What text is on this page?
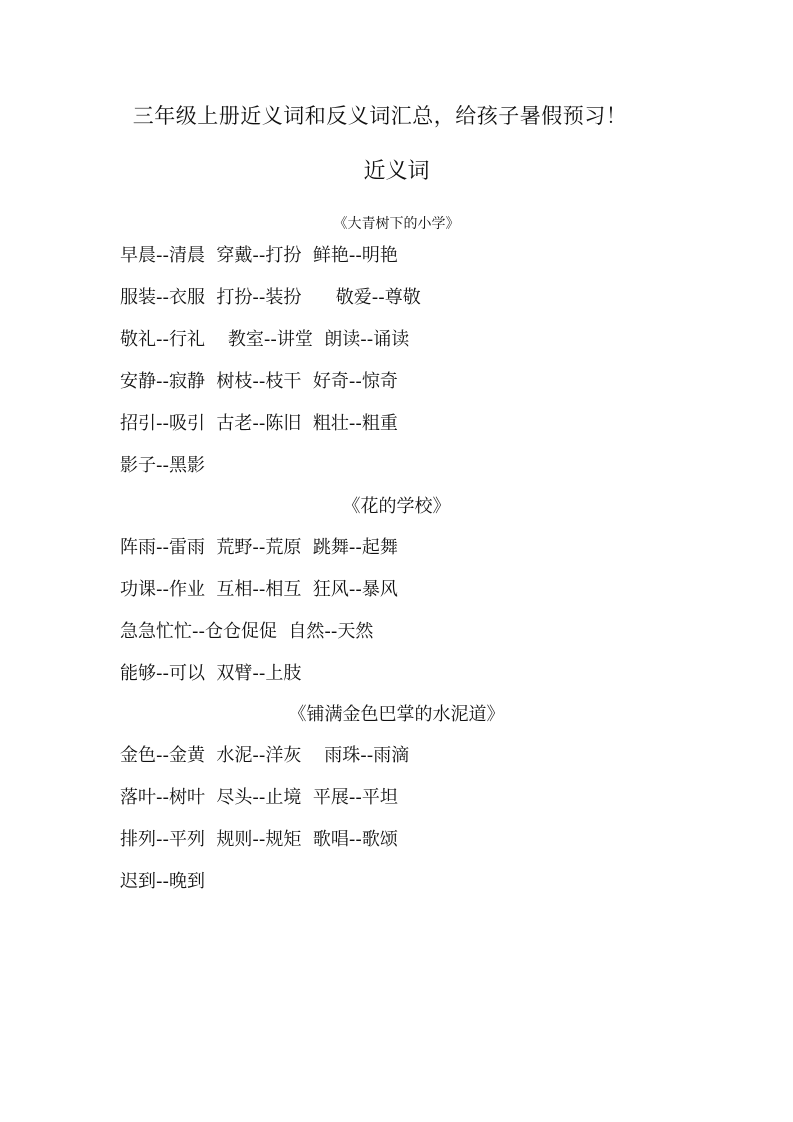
三年级上册近义词和反义词汇总，给孩子暑假预习！
近义词
《大青树下的小学》
早晨--清晨  穿戴--打扮  鲜艳--明艳
服装--衣服  打扮--装扮      敬爱--尊敬
敬礼--行礼    教室--讲堂  朗读--诵读
安静--寂静  树枝--枝干  好奇--惊奇
招引--吸引  古老--陈旧  粗壮--粗重
影子--黑影
《花的学校》
阵雨--雷雨  荒野--荒原  跳舞--起舞
功课--作业  互相--相互  狂风--暴风
急急忙忙--仓仓促促  自然--天然
能够--可以  双臂--上肢
《铺满金色巴掌的水泥道》
金色--金黄  水泥--洋灰    雨珠--雨滴
落叶--树叶  尽头--止境  平展--平坦
排列--平列  规则--规矩  歌唱--歌颂
迟到--晚到
